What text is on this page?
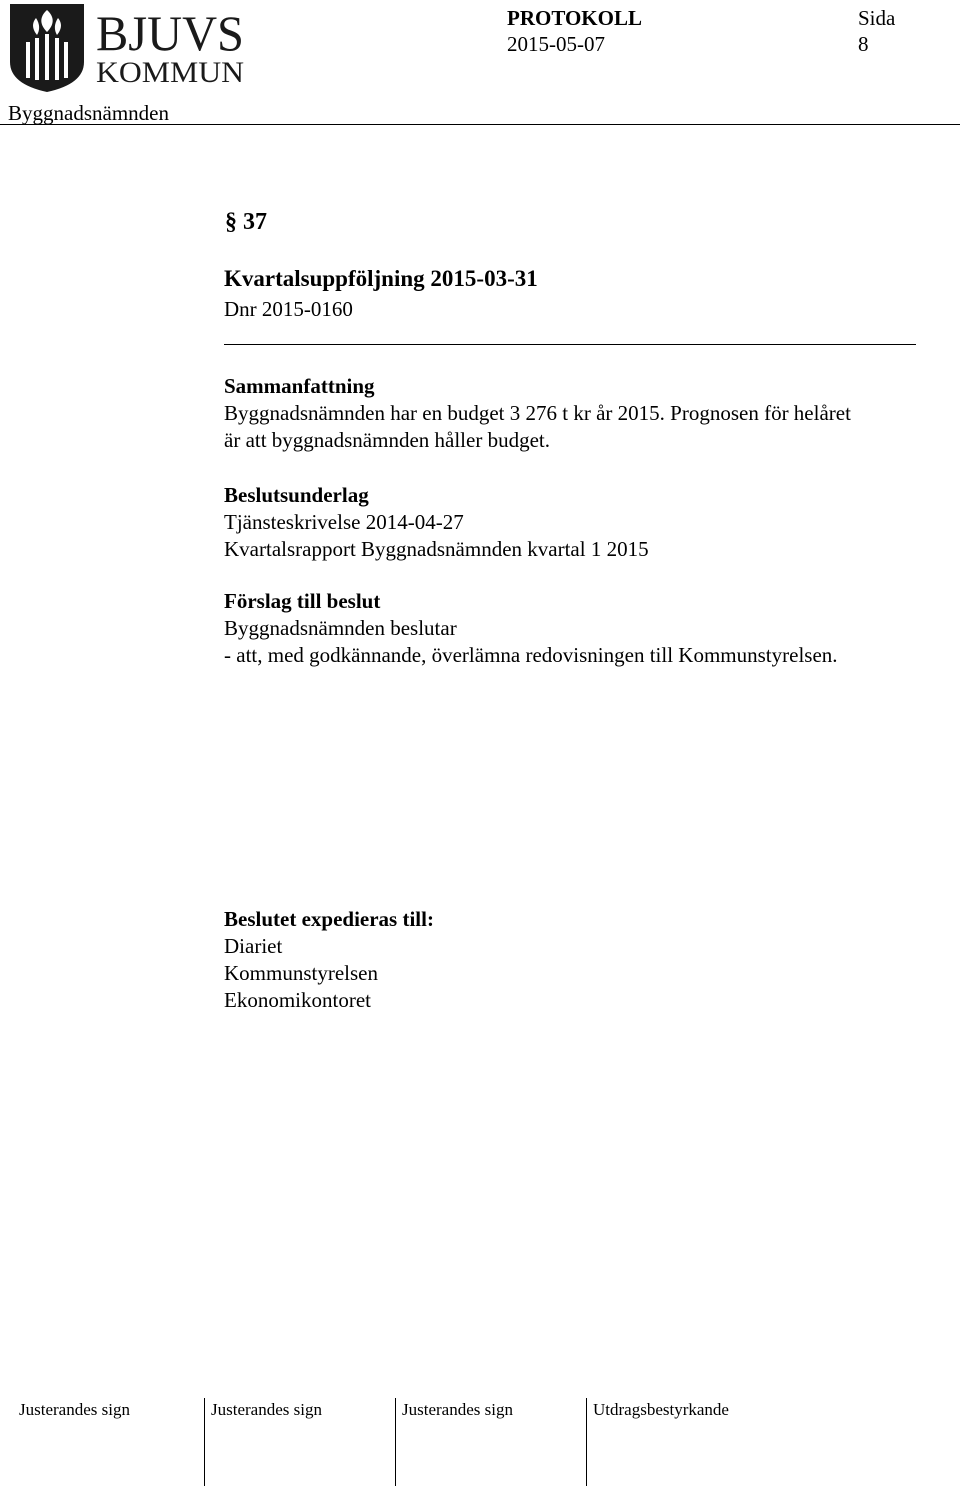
BJUVS
KOMMUN
PROTOKOLL	Sida
2015-05-07	8
Byggnadsnämnden
§ 37
Kvartalsuppföljning 2015-03-31
Dnr 2015-0160
Sammanfattning
Byggnadsnämnden har en budget 3 276 t kr år 2015. Prognosen för helåret
är att byggnadsnämnden håller budget.
Beslutsunderlag
Tjänsteskrivelse 2014-04-27
Kvartalsrapport Byggnadsnämnden kvartal 1 2015
Förslag till beslut
Byggnadsnämnden beslutar
- att, med godkännande, överlämna redovisningen till Kommunstyrelsen.
Beslutet expedieras till:
Diariet
Kommunstyrelsen
Ekonomikontoret
Justerandes sign	Justerandes sign	Justerandes sign	Utdragsbestyrkande
